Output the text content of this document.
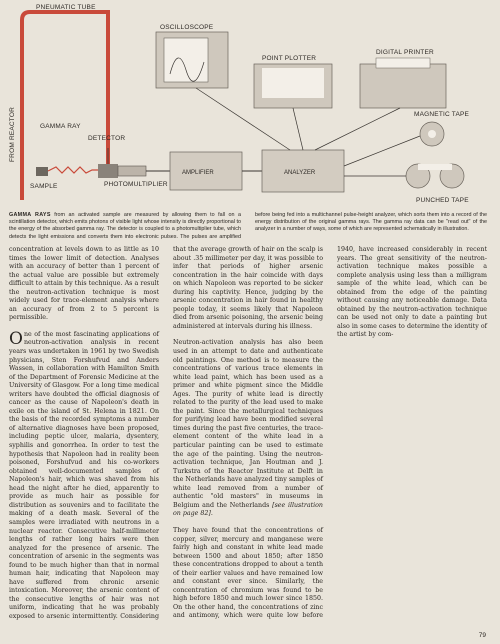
PNEUMATIC TUBE
OSCILLOSCOPE
POINT PLOTTER
DIGITAL PRINTER
FROM REACTOR	GAMMA RAY
DETECTOR
MAGNETIC TAPE
SAMPLE	PHOTOMULTIPLIER
AMPLIFIER	ANALYZER
PUNCHED TAPE
GAMMA RAYS from an activated sample are measured by allowing them to fall on a scintillation detector, which emits photons of visible light whose intensity is directly proportional to the energy of the absorbed gamma ray. The detector is coupled to a photomultiplier tube, which detects the light emissions and converts them into electronic pulses. The pulses are amplified before being fed into a multichannel pulse-height analyzer, which sorts them into a record of the energy distribution of the original gamma rays. The gamma ray data can be "read out" of the analyzer in a number of ways, some of which are represented schematically in illustration.

concentration at levels down to as little as 10 times the lower limit of detection. Analyses with an accuracy of better than 1 percent of the actual value are possible but extremely difficult to attain by this technique. As a result the neutron-activation technique is most widely used for trace-element analysis where an accuracy of from 2 to 5 percent is permissible.

One of the most fascinating applications of neutron-activation analysis in recent years was undertaken in 1961 by two Swedish physicians, Sten Forshufvud and Anders Wassen, in collaboration with Hamilton Smith of the Department of Forensic Medicine at the University of Glasgow. For a long time medical writers have doubted the official diagnosis of cancer as the cause of Napoleon's death in exile on the island of St. Helena in 1821. On the basis of the recorded symptoms a number of alternative diagnoses have been proposed, including peptic ulcer, malaria, dysentery, syphilis and gonorrhea. In order to test the hypothesis that Napoleon had in reality been poisoned, Forshufvud and his co-workers obtained well-documented samples of Napoleon's hair, which was shaved from his head the night after he died, apparently to provide as much hair as possible for distribution as souvenirs and to facilitate the making of a death mask. Several of the samples were irradiated with neutrons in a nuclear reactor. Consecutive half-millimeter lengths of rather long hairs were then analyzed for the presence of arsenic. The concentration of arsenic in the segments was found to be much higher than that in normal human hair, indicating that Napoleon may have suffered from chronic arsenic intoxication. Moreover, the arsenic content of the consecutive lengths of hair was not uniform, indicating that he was probably exposed to arsenic intermittently. Considering that the average growth of hair on the scalp is about .35 millimeter per day, it was possible to infer that periods of higher arsenic concentration in the hair coincide with days on which Napoleon was reported to be sicker during his captivity. Hence, judging by the arsenic concentration in hair found in healthy people today, it seems likely that Napoleon died from arsenic poisoning, the arsenic being administered at intervals during his illness.

Neutron-activation analysis has also been used in an attempt to date and authenticate old paintings. One method is to measure the concentrations of various trace elements in white lead paint, which has been used as a primer and white pigment since the Middle Ages. The purity of white lead is directly related to the purity of the lead used to make the paint. Since the metallurgical techniques for purifying lead have been modified several times during the past five centuries, the trace-element content of the white lead in a particular painting can be used to estimate the age of the painting. Using the neutron-activation technique, Jan Houtman and J. Turkstra of the Reactor Institute at Delft in the Netherlands have analyzed tiny samples of white lead removed from a number of authentic "old masters" in museums in Belgium and the Netherlands [see illustration on page 82].

They have found that the concentrations of copper, silver, mercury and manganese were fairly high and constant in white lead made between 1500 and about 1850; after 1850 these concentrations dropped to about a tenth of their earlier values and have remained low and constant ever since. Similarly, the concentration of chromium was found to be high before 1850 and much lower since 1850. On the other hand, the concentrations of zinc and antimony, which were quite low before 1940, have increased considerably in recent years. The great sensitivity of the neutron-activation technique makes possible a complete analysis using less than a milligram sample of the white lead, which can be obtained from the edge of the painting without causing any noticeable damage. Data obtained by the neutron-activation technique can be used not only to date a painting but also in some cases to determine the identity of the artist by com-

79
